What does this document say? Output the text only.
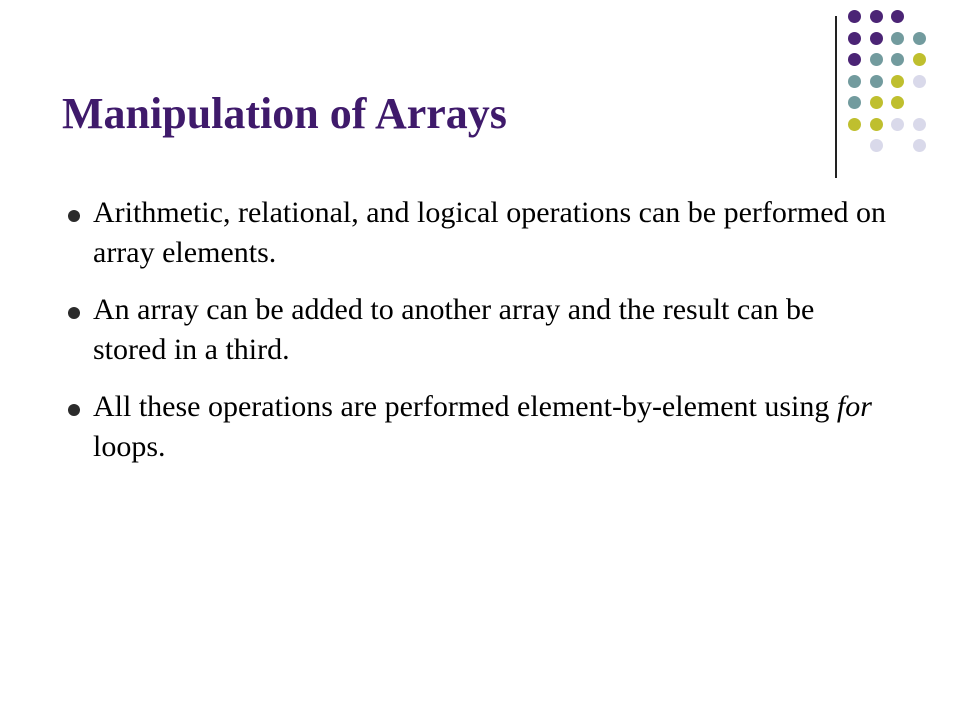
Manipulation of Arrays
Arithmetic, relational, and logical operations can be performed on array elements.
An array can be added to another array and the result can be stored in a third.
All these operations are performed element-by-element using for loops.
